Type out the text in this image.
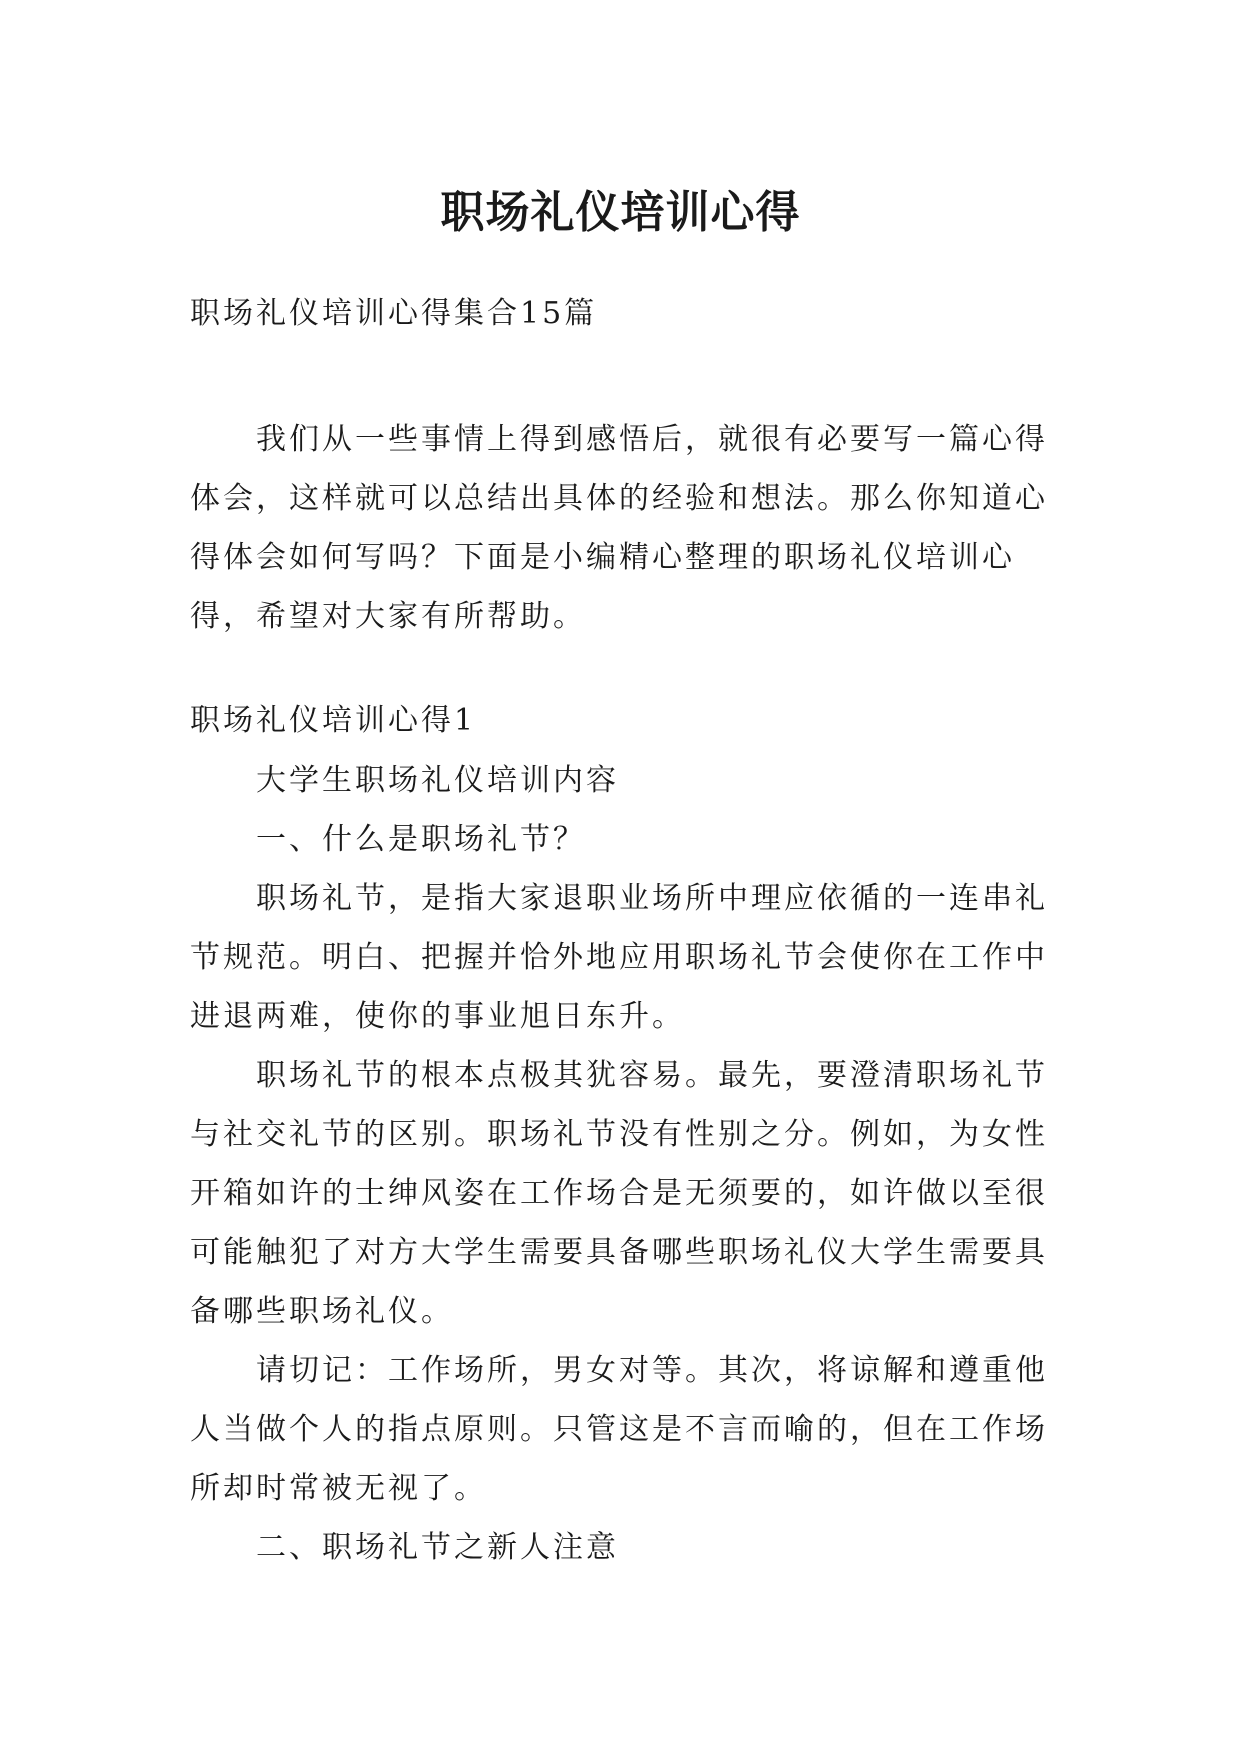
职场礼仪培训心得

职场礼仪培训心得集合15篇

我们从一些事情上得到感悟后，就很有必要写一篇心得体会，这样就可以总结出具体的经验和想法。那么你知道心得体会如何写吗？下面是小编精心整理的职场礼仪培训心得，希望对大家有所帮助。

职场礼仪培训心得1

大学生职场礼仪培训内容

一、什么是职场礼节？

职场礼节，是指大家退职业场所中理应依循的一连串礼节规范。明白、把握并恰外地应用职场礼节会使你在工作中进退两难，使你的事业旭日东升。

职场礼节的根本点极其犹容易。最先，要澄清职场礼节与社交礼节的区别。职场礼节没有性别之分。例如，为女性开箱如许的士绅风姿在工作场合是无须要的，如许做以至很可能触犯了对方大学生需要具备哪些职场礼仪大学生需要具备哪些职场礼仪。

请切记：工作场所，男女对等。其次，将谅解和遵重他人当做个人的指点原则。只管这是不言而喻的，但在工作场所却时常被无视了。

二、职场礼节之新人注意
